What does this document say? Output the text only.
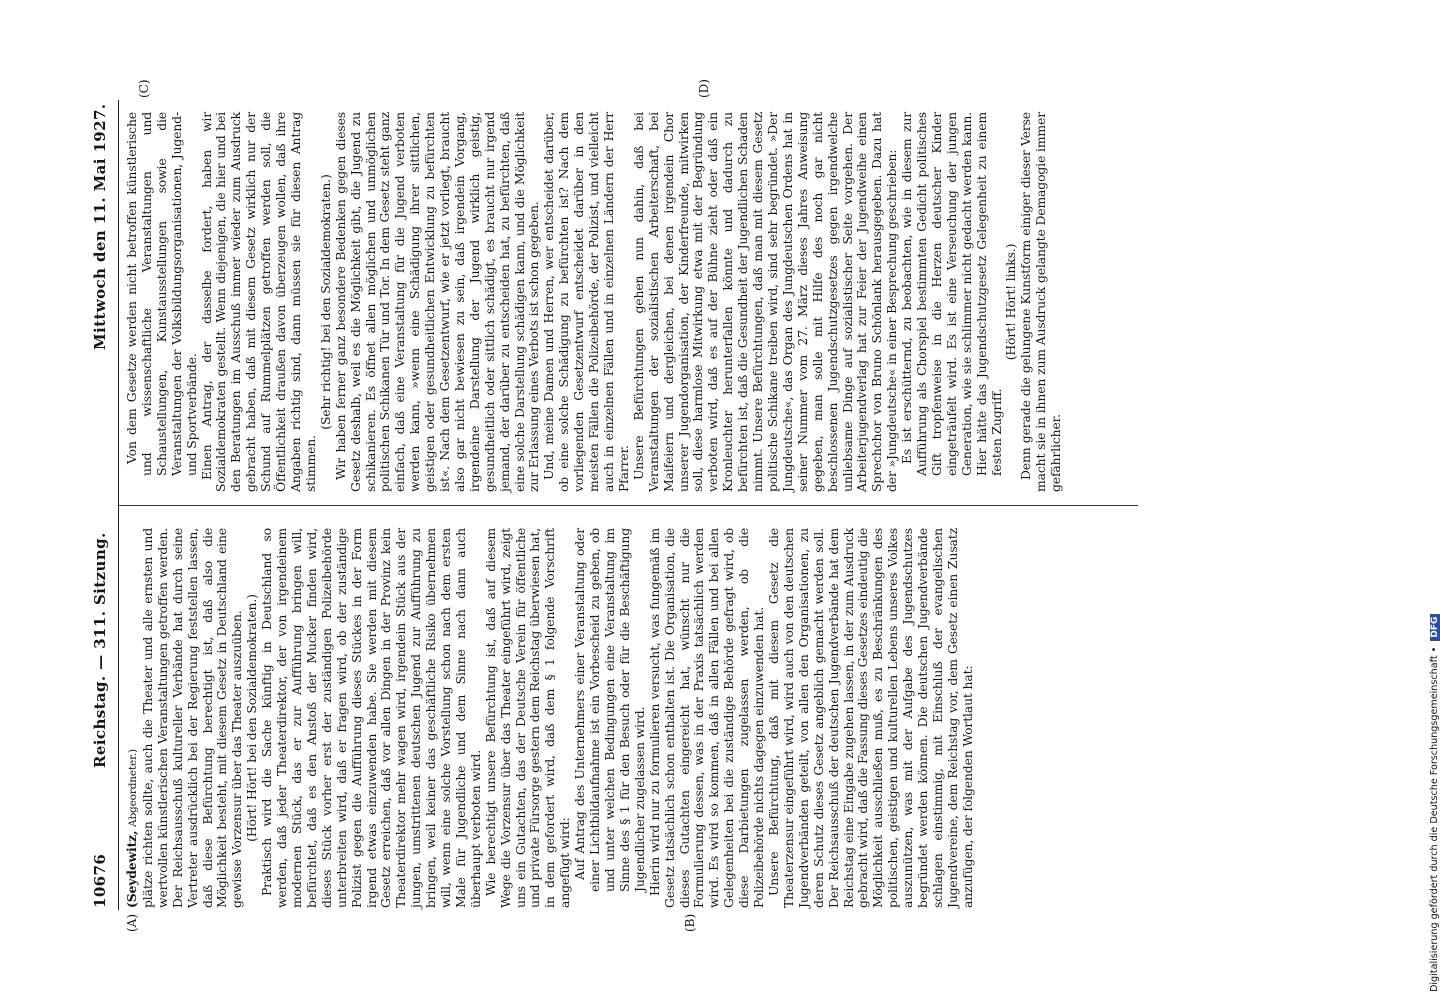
10676
Reichstag. — 311. Sitzung.
Mittwoch den 11. Mai 1927.
(A)	(B)
(C)	(D)

(Seydewitz, Abgeordneter.) plätze richten sollte, auch die Theater und alle ernsten und wertvollen künstlerischen Veranstaltungen getroffen werden. Der Reichsausschuß kultureller Verbände hat durch seine Vertreter ausdrücklich bei der Regierung feststellen lassen, daß diese Befürchtung berechtigt ist, daß also die Möglichkeit besteht, mit diesem Gesetz in Deutschland eine gewisse Vorzensur über das Theater auszuüben. (Hört! Hört! bei den Sozialdemokraten.) Praktisch wird die Sache künftig in Deutschland so werden, daß jeder Theaterdirektor, der von irgendeinem modernen Stück, das er zur Aufführung bringen will, befürchtet, daß es den Anstoß der Mucker finden wird, dieses Stück vorher erst der zuständigen Polizeibehörde unterbreiten wird, daß er fragen wird, ob der zuständige Polizist gegen die Aufführung dieses Stückes in der Form irgend etwas einzuwenden habe. Sie werden mit diesem Gesetz erreichen, daß vor allen Dingen in der Provinz kein Theaterdirektor mehr wagen wird, irgendein Stück aus der jungen, umstrittenen deutschen Jugend zur Aufführung zu bringen, weil keiner das geschäftliche Risiko übernehmen will, wenn eine solche Vorstellung schon nach dem ersten Male für Jugendliche und dem Sinne nach dann auch überhaupt verboten wird. Wie berechtigt unsere Befürchtung ist, daß auf diesem Wege die Vorzensur über das Theater eingeführt wird, zeigt uns ein Gutachten, das der Deutsche Verein für öffentliche und private Fürsorge gestern dem Reichstag überwiesen hat, in dem gefordert wird, daß dem § 1 folgende Vorschrift angefügt wird: Auf Antrag des Unternehmers einer Veranstaltung oder einer Lichtbildaufnahme ist ein Vorbescheid zu geben, ob und unter welchen Bedingungen eine Veranstaltung im Sinne des § 1 für den Besuch oder für die Beschäftigung Jugendlicher zugelassen wird. Hierin wird nur zu formulieren versucht, was fungemäß im Gesetz tatsächlich schon enthalten ist. Die Organisation, die dieses Gutachten eingereicht hat, wünscht nur die Formulierung dessen, was in der Praxis tatsächlich werden wird. Es wird so kommen, daß in allen Fällen und bei allen Gelegenheiten bei die zuständige Behörde gefragt wird, ob diese Darbietungen zugelassen werden, ob die Polizeibehörde nichts dagegen einzuwenden hat. Unsere Befürchtung, daß mit diesem Gesetz die Theaterzensur eingeführt wird, wird auch von den deutschen Jugendverbänden geteilt, von allen den Organisationen, zu deren Schutz dieses Gesetz angeblich gemacht werden soll. Der Reichsausschuß der deutschen Jugendverbände hat dem Reichstag eine Eingabe zugehen lassen, in der zum Ausdruck gebracht wird, daß die Fassung dieses Gesetzes eindeutig die Möglichkeit ausschließen muß, es zu Beschränkungen des politischen, geistigen und kulturellen Lebens unseres Volkes auszunützen, was mit der Aufgabe des Jugendschutzes begründet werden können. Die deutschen Jugendverbände schlagen einstimmig, mit Einschluß der evangelischen Jugendvereine, dem Reichstag vor, dem Gesetz einen Zusatz anzufügen, der folgenden Wortlaut hat:

Von dem Gesetze werden nicht betroffen künstlerische und wissenschaftliche Veranstaltungen und Schaustellungen, Kunstausstellungen sowie die Veranstaltungen der Volksbildungsorganisationen, Jugend- und Sportverbände. Einen Antrag, der dasselbe fordert, haben wir Sozialdemokraten gestellt. Wenn diejenigen, die hier und bei den Beratungen im Ausschuß immer wieder zum Ausdruck gebracht haben, daß mit diesem Gesetz wirklich nur der Schund auf Rummelplätzen getroffen werden soll, die Öffentlichkeit draußen davon überzeugen wollen, daß ihre Angaben richtig sind, dann müssen sie für diesen Antrag stimmen.

(Sehr richtig! bei den Sozialdemokraten.) Wir haben ferner ganz besondere Bedenken gegen dieses Gesetz deshalb, weil es die Möglichkeit gibt, die Jugend zu schikanieren. Es öffnet allen möglichen und unmöglichen politischen Schikanen Tür und Tor. In dem Gesetz steht ganz einfach, daß eine Veranstaltung für die Jugend verboten werden kann, »wenn eine Schädigung ihrer sittlichen, geistigen oder gesundheitlichen Entwicklung zu befürchten ist«. Nach dem Gesetzentwurf, wie er jetzt vorliegt, braucht also gar nicht bewiesen zu sein, daß irgendein Vorgang, irgendeine Darstellung der Jugend wirklich geistig, gesundheitlich oder sittlich schädigt, es braucht nur irgend jemand, der darüber zu entscheiden hat, zu befürchten, daß eine solche Darstellung schädigen kann, und die Möglichkeit zur Erlassung eines Verbots ist schon gegeben. Und, meine Damen und Herren, wer entscheidet darüber, ob eine solche Schädigung zu befürchten ist? Nach dem vorliegenden Gesetzentwurf entscheidet darüber in den meisten Fällen die Polizeibehörde, der Polizist, und vielleicht auch in einzelnen Fällen und in einzelnen Ländern der Herr Pfarrer. Unsere Befürchtungen gehen nun dahin, daß bei Veranstaltungen der sozialistischen Arbeiterschaft, bei Maifeiern und dergleichen, bei denen irgendein Chor unserer Jugendorganisation, der Kinderfreunde, mitwirken soll, diese harmlose Mitwirkung etwa mit der Begründung verboten wird, daß es auf der Bühne zieht oder daß ein Kronleuchter herunterfallen könnte und dadurch zu befürchten ist, daß die Gesundheit der Jugendlichen Schaden nimmt. Unsere Befürchtungen, daß man mit diesem Gesetz politische Schikane treiben wird, sind sehr begründet. »Der Jungdeutsche«, das Organ des Jungdeutschen Ordens hat in seiner Nummer vom 27. März dieses Jahres Anweisung gegeben, man solle mit Hilfe des noch gar nicht beschlossenen Jugendschutzgesetzes gegen irgendwelche unliebsame Dinge auf sozialistischer Seite vorgehen. Der Arbeiterjugendverlag hat zur Feier der Jugendweihe einen Sprechchor von Bruno Schönlank herausgegeben. Dazu hat der »Jungdeutsche« in einer Besprechung geschrieben: Es ist erschütternd, zu beobachten, wie in diesem zur Aufführung als Chorspiel bestimmten Gedicht politisches Gift tropfenweise in die Herzen deutscher Kinder eingeträufelt wird. Es ist eine Verseuchung der jungen Generation, wie sie schlimmer nicht gedacht werden kann. Hier hätte das Jugendschutzgesetz Gelegenheit zu einem festen Zugriff.

(Hört! Hört! links.) Denn gerade die gelungene Kunstform einiger dieser Verse macht sie in ihnen zum Ausdruck gelangte Demagogie immer gefährlicher.

Digitalisierung gefördert durch die Deutsche Forschungsgemeinschaft • DFG
